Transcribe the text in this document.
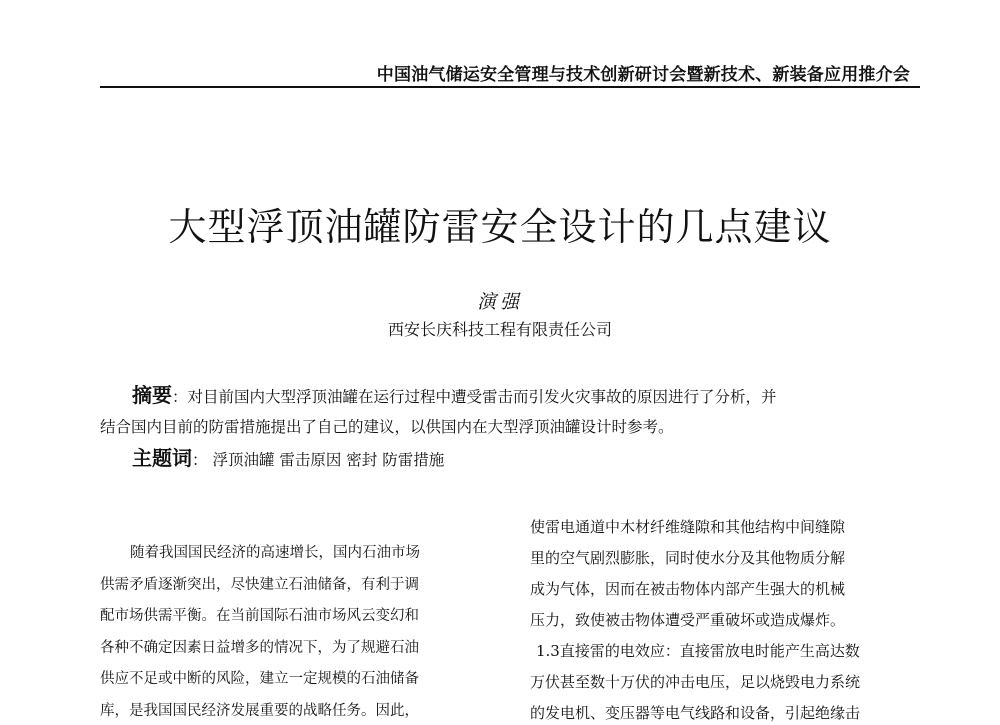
中国油气储运安全管理与技术创新研讨会暨新技术、新装备应用推介会
大型浮顶油罐防雷安全设计的几点建议
演强
西安长庆科技工程有限责任公司
摘要：对目前国内大型浮顶油罐在运行过程中遭受雷击而引发火灾事故的原因进行了分析，并
结合国内目前的防雷措施提出了自己的建议，以供国内在大型浮顶油罐设计时参考。
主题词： 浮顶油罐 雷击原因 密封 防雷措施
随着我国国民经济的高速增长，国内石油市场
供需矛盾逐渐突出，尽快建立石油储备，有利于调
配市场供需平衡。在当前国际石油市场风云变幻和
各种不确定因素日益增多的情况下，为了规避石油
供应不足或中断的风险，建立一定规模的石油储备
库，是我国国民经济发展重要的战略任务。因此，
使雷电通道中木材纤维缝隙和其他结构中间缝隙
里的空气剧烈膨胀，同时使水分及其他物质分解
成为气体，因而在被击物体内部产生强大的机械
压力，致使被击物体遭受严重破坏或造成爆炸。
1.3直接雷的电效应：直接雷放电时能产生高达数
万伏甚至数十万伏的冲击电压，足以烧毁电力系统
的发电机、变压器等电气线路和设备，引起绝缘击
